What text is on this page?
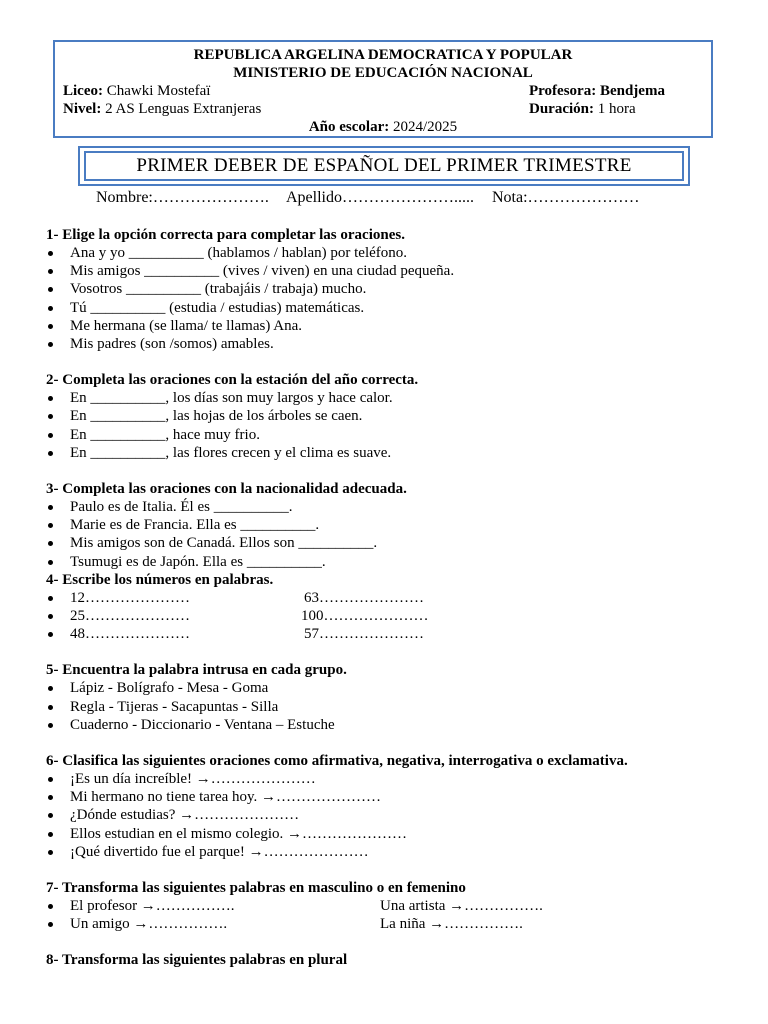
REPUBLICA ARGELINA DEMOCRATICA Y POPULAR
MINISTERIO DE EDUCACIÓN NACIONAL
Liceo: Chawki Mostefaï	Profesora: Bendjema
Nivel: 2 AS Lenguas Extranjeras	Duración: 1 hora
Año escolar: 2024/2025
PRIMER DEBER DE ESPAÑOL DEL PRIMER TRIMESTRE
Nombre:…………………. Apellido…………………..... Nota:…………………

1- Elige la opción correcta para completar las oraciones.

Ana y yo __________ (hablamos / hablan) por teléfono.
Mis amigos __________ (vives / viven) en una ciudad pequeña.
Vosotros __________ (trabajáis / trabaja) mucho.
Tú __________ (estudia / estudias) matemáticas.
Me hermana (se llama/ te llamas) Ana.
Mis padres (son /somos) amables.

2- Completa las oraciones con la estación del año correcta.

En __________, los días son muy largos y hace calor.
En __________, las hojas de los árboles se caen.
En __________, hace muy frio.
En __________, las flores crecen y el clima es suave.

3- Completa las oraciones con la nacionalidad adecuada.

Paulo es de Italia. Él es __________.
Marie es de Francia. Ella es __________.
Mis amigos son de Canadá. Ellos son __________.
Tsumugi es de Japón. Ella es __________.

4- Escribe los números en palabras.

12…………………	63…………………
25…………………	100…………………
48…………………	57…………………

5- Encuentra la palabra intrusa en cada grupo.

Lápiz - Bolígrafo - Mesa - Goma
Regla - Tijeras - Sacapuntas - Silla
Cuaderno - Diccionario - Ventana – Estuche

6- Clasifica las siguientes oraciones como afirmativa, negativa, interrogativa o exclamativa.

¡Es un día increíble! →…………………
Mi hermano no tiene tarea hoy. →…………………
¿Dónde estudias? →…………………
Ellos estudian en el mismo colegio. →…………………
¡Qué divertido fue el parque! →…………………

7- Transforma las siguientes palabras en masculino o en femenino

El profesor →…………….	Una artista →…………….
Un amigo →…………….	La niña →…………….

8- Transforma las siguientes palabras en plural
